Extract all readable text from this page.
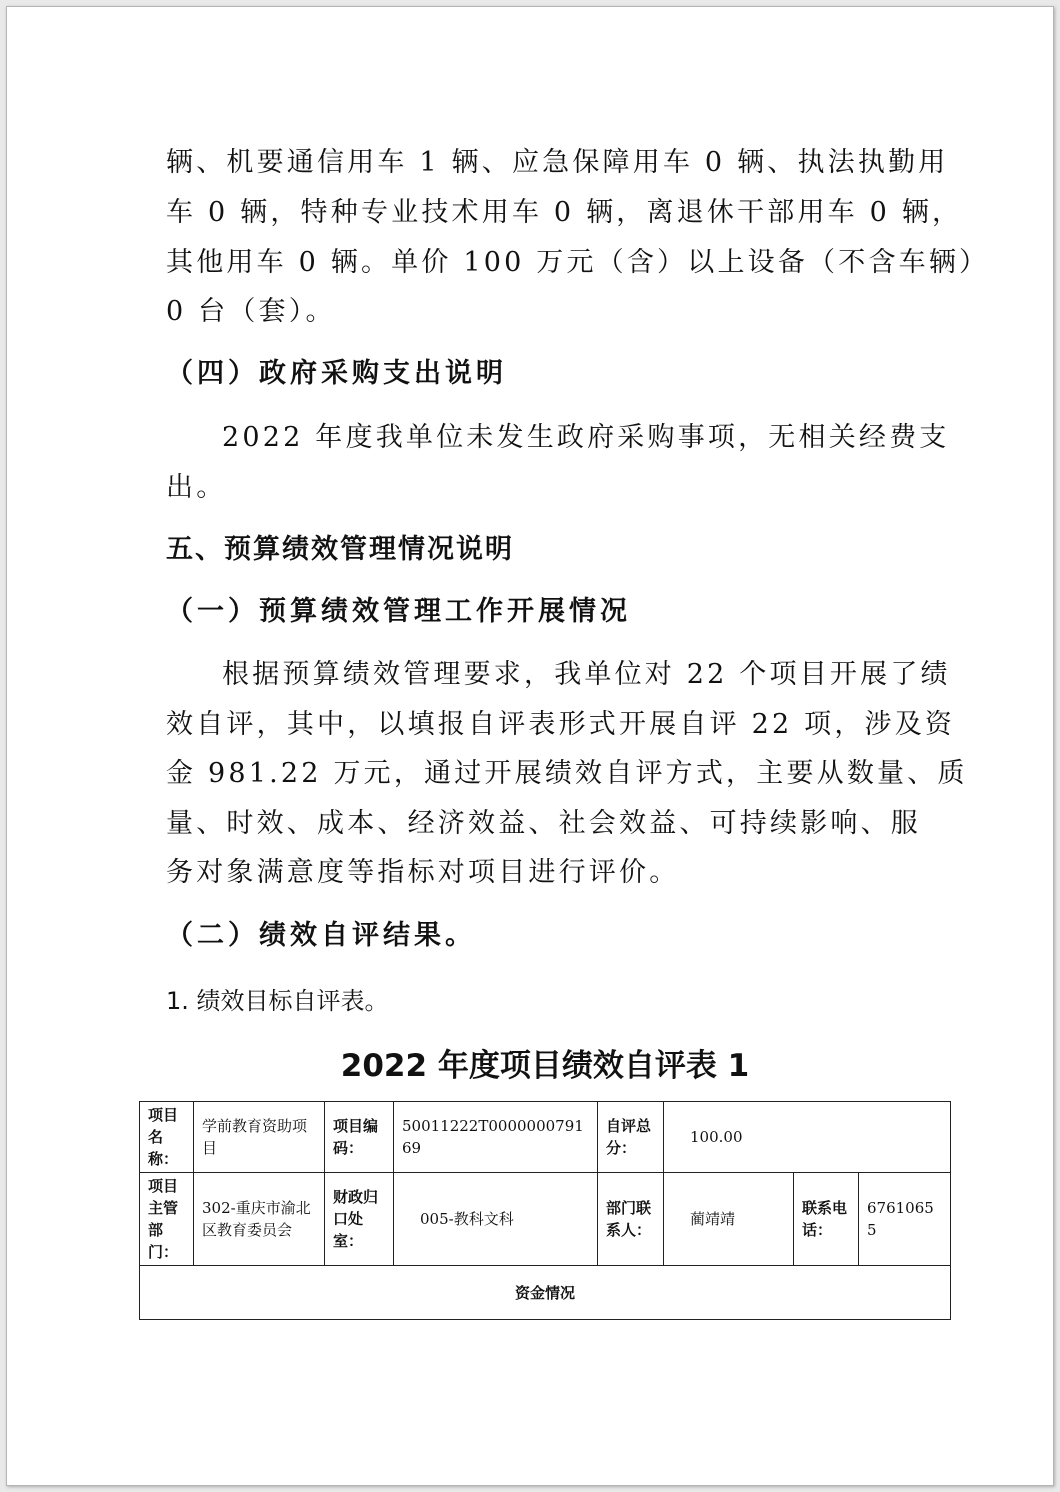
辆、机要通信用车 1 辆、应急保障用车 0 辆、执法执勤用
车 0 辆，特种专业技术用车 0 辆，离退休干部用车 0 辆，
其他用车 0 辆。单价 100 万元（含）以上设备（不含车辆）
0 台（套）。
（四）政府采购支出说明
2022 年度我单位未发生政府采购事项，无相关经费支
出。
五、预算绩效管理情况说明
（一）预算绩效管理工作开展情况
根据预算绩效管理要求，我单位对 22 个项目开展了绩
效自评，其中，以填报自评表形式开展自评 22 项，涉及资
金 981.22 万元，通过开展绩效自评方式，主要从数量、质
量、时效、成本、经济效益、社会效益、可持续影响、服
务对象满意度等指标对项目进行评价。
（二）绩效自评结果。
1. 绩效目标自评表。
2022 年度项目绩效自评表 1
项目名称：	学前教育资助项目	项目编码：	50011222T000000079169	自评总分：	100.00		
项目主管部门：	302-重庆市渝北区教育委员会	财政归口处室：	005-教科文科	部门联系人：	蔺靖靖	联系电话：	67610655
资金情况							
